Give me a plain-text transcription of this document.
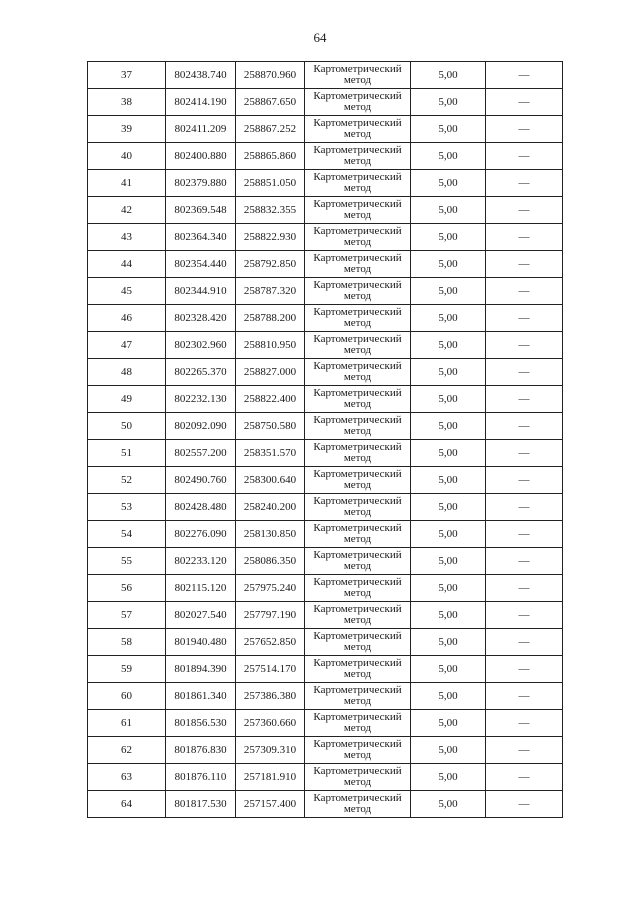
64
37	802438.740	258870.960	Картометрический
метод	5,00	—
38	802414.190	258867.650	Картометрический
метод	5,00	—
39	802411.209	258867.252	Картометрический
метод	5,00	—
40	802400.880	258865.860	Картометрический
метод	5,00	—
41	802379.880	258851.050	Картометрический
метод	5,00	—
42	802369.548	258832.355	Картометрический
метод	5,00	—
43	802364.340	258822.930	Картометрический
метод	5,00	—
44	802354.440	258792.850	Картометрический
метод	5,00	—
45	802344.910	258787.320	Картометрический
метод	5,00	—
46	802328.420	258788.200	Картометрический
метод	5,00	—
47	802302.960	258810.950	Картометрический
метод	5,00	—
48	802265.370	258827.000	Картометрический
метод	5,00	—
49	802232.130	258822.400	Картометрический
метод	5,00	—
50	802092.090	258750.580	Картометрический
метод	5,00	—
51	802557.200	258351.570	Картометрический
метод	5,00	—
52	802490.760	258300.640	Картометрический
метод	5,00	—
53	802428.480	258240.200	Картометрический
метод	5,00	—
54	802276.090	258130.850	Картометрический
метод	5,00	—
55	802233.120	258086.350	Картометрический
метод	5,00	—
56	802115.120	257975.240	Картометрический
метод	5,00	—
57	802027.540	257797.190	Картометрический
метод	5,00	—
58	801940.480	257652.850	Картометрический
метод	5,00	—
59	801894.390	257514.170	Картометрический
метод	5,00	—
60	801861.340	257386.380	Картометрический
метод	5,00	—
61	801856.530	257360.660	Картометрический
метод	5,00	—
62	801876.830	257309.310	Картометрический
метод	5,00	—
63	801876.110	257181.910	Картометрический
метод	5,00	—
64	801817.530	257157.400	Картометрический
метод	5,00	—
